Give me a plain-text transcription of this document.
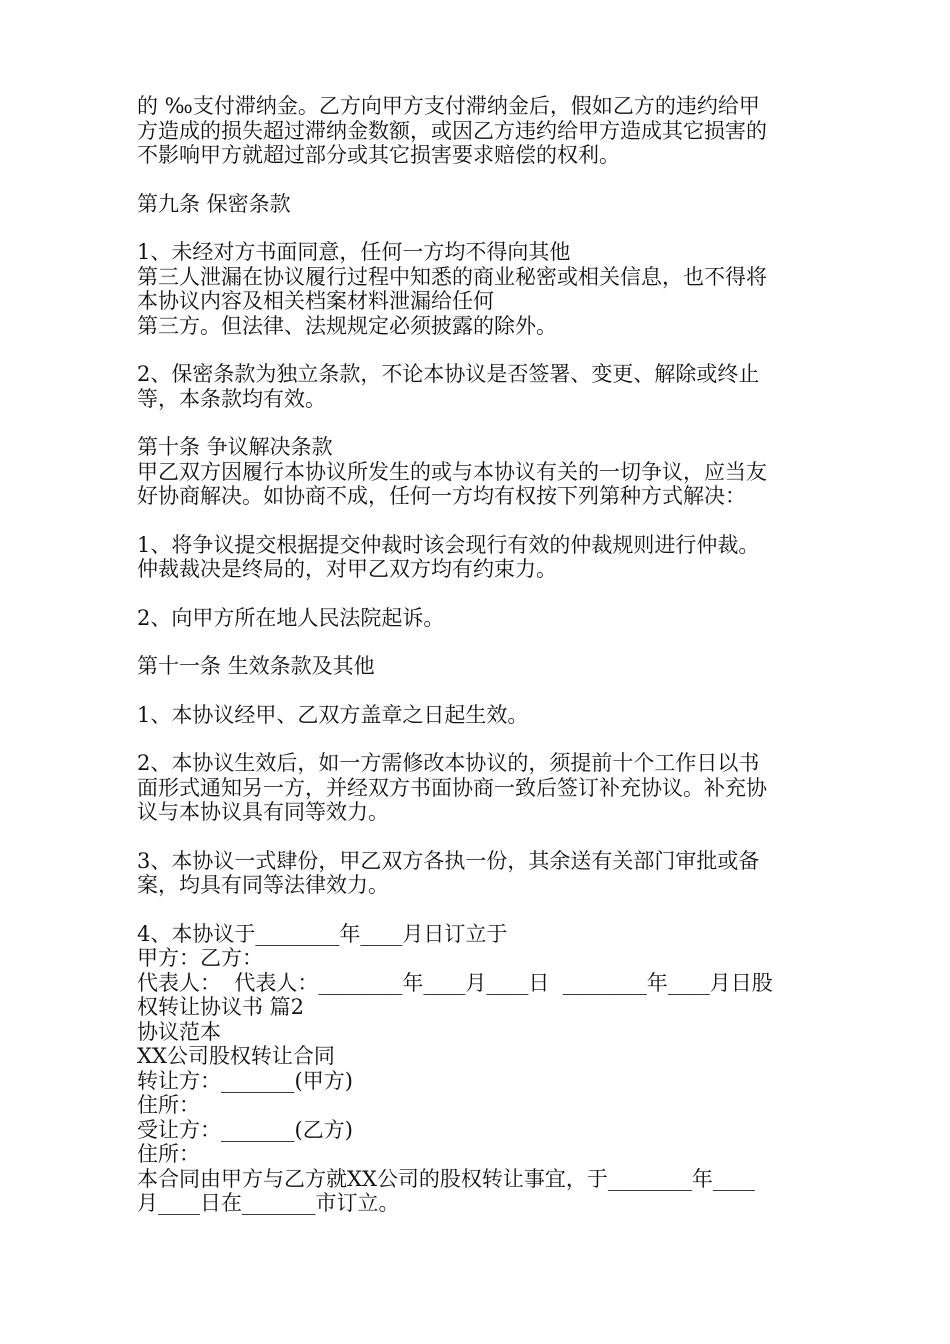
的 ‰支付滞纳金。乙方向甲方支付滞纳金后，假如乙方的违约给甲
方造成的损失超过滞纳金数额，或因乙方违约给甲方造成其它损害的
不影响甲方就超过部分或其它损害要求赔偿的权利。
第九条 保密条款
1、未经对方书面同意，任何一方均不得向其他
第三人泄漏在协议履行过程中知悉的商业秘密或相关信息，也不得将
本协议内容及相关档案材料泄漏给任何
第三方。但法律、法规规定必须披露的除外。
2、保密条款为独立条款，不论本协议是否签署、变更、解除或终止
等，本条款均有效。
第十条 争议解决条款
甲乙双方因履行本协议所发生的或与本协议有关的一切争议，应当友
好协商解决。如协商不成，任何一方均有权按下列第种方式解决：
1、将争议提交根据提交仲裁时该会现行有效的仲裁规则进行仲裁。
仲裁裁决是终局的，对甲乙双方均有约束力。
2、向甲方所在地人民法院起诉。
第十一条 生效条款及其他
1、本协议经甲、乙双方盖章之日起生效。
2、本协议生效后，如一方需修改本协议的，须提前十个工作日以书
面形式通知另一方，并经双方书面协商一致后签订补充协议。补充协
议与本协议具有同等效力。
3、本协议一式肆份，甲乙双方各执一份，其余送有关部门审批或备
案，均具有同等法律效力。
4、本协议于________年____月日订立于
甲方：乙方：
代表人：  代表人：________年____月____日  ________年____月日股
权转让协议书 篇2
协议范本
XX公司股权转让合同
转让方：_______(甲方)
住所：
受让方：_______(乙方)
住所：
本合同由甲方与乙方就XX公司的股权转让事宜，于________年____
月____日在_______市订立。
